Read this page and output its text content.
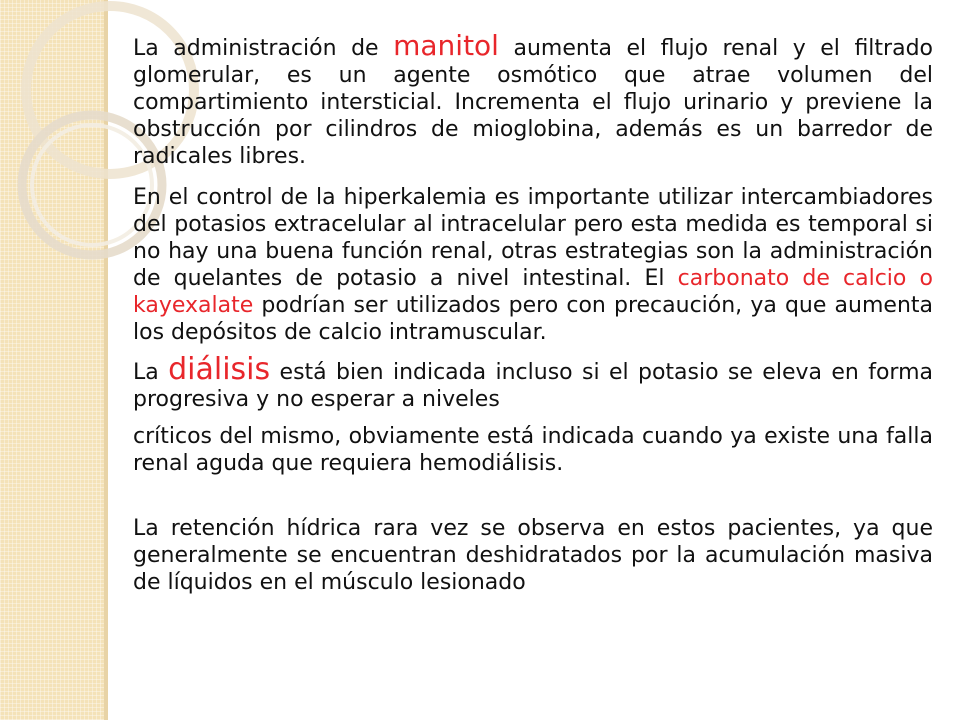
La administración de manitol aumenta el flujo renal y el filtrado glomerular, es un agente osmótico que atrae volumen del compartimiento intersticial. Incrementa el flujo urinario y previene la obstrucción por cilindros de mioglobina, además es un barredor de radicales libres.

En el control de la hiperkalemia es importante utilizar intercambiadores del potasios extracelular al intracelular pero esta medida es temporal si no hay una buena función renal, otras estrategias son la administración de quelantes de potasio a nivel intestinal. El carbonato de calcio o kayexalate podrían ser utilizados pero con precaución, ya que aumenta los depósitos de calcio intramuscular.

La diálisis está bien indicada incluso si el potasio se eleva en forma progresiva y no esperar a niveles

críticos del mismo, obviamente está indicada cuando ya existe una falla renal aguda que requiera hemodiálisis.

La retención hídrica rara vez se observa en estos pacientes, ya que generalmente se encuentran deshidratados por la acumulación masiva de líquidos en el músculo lesionado
